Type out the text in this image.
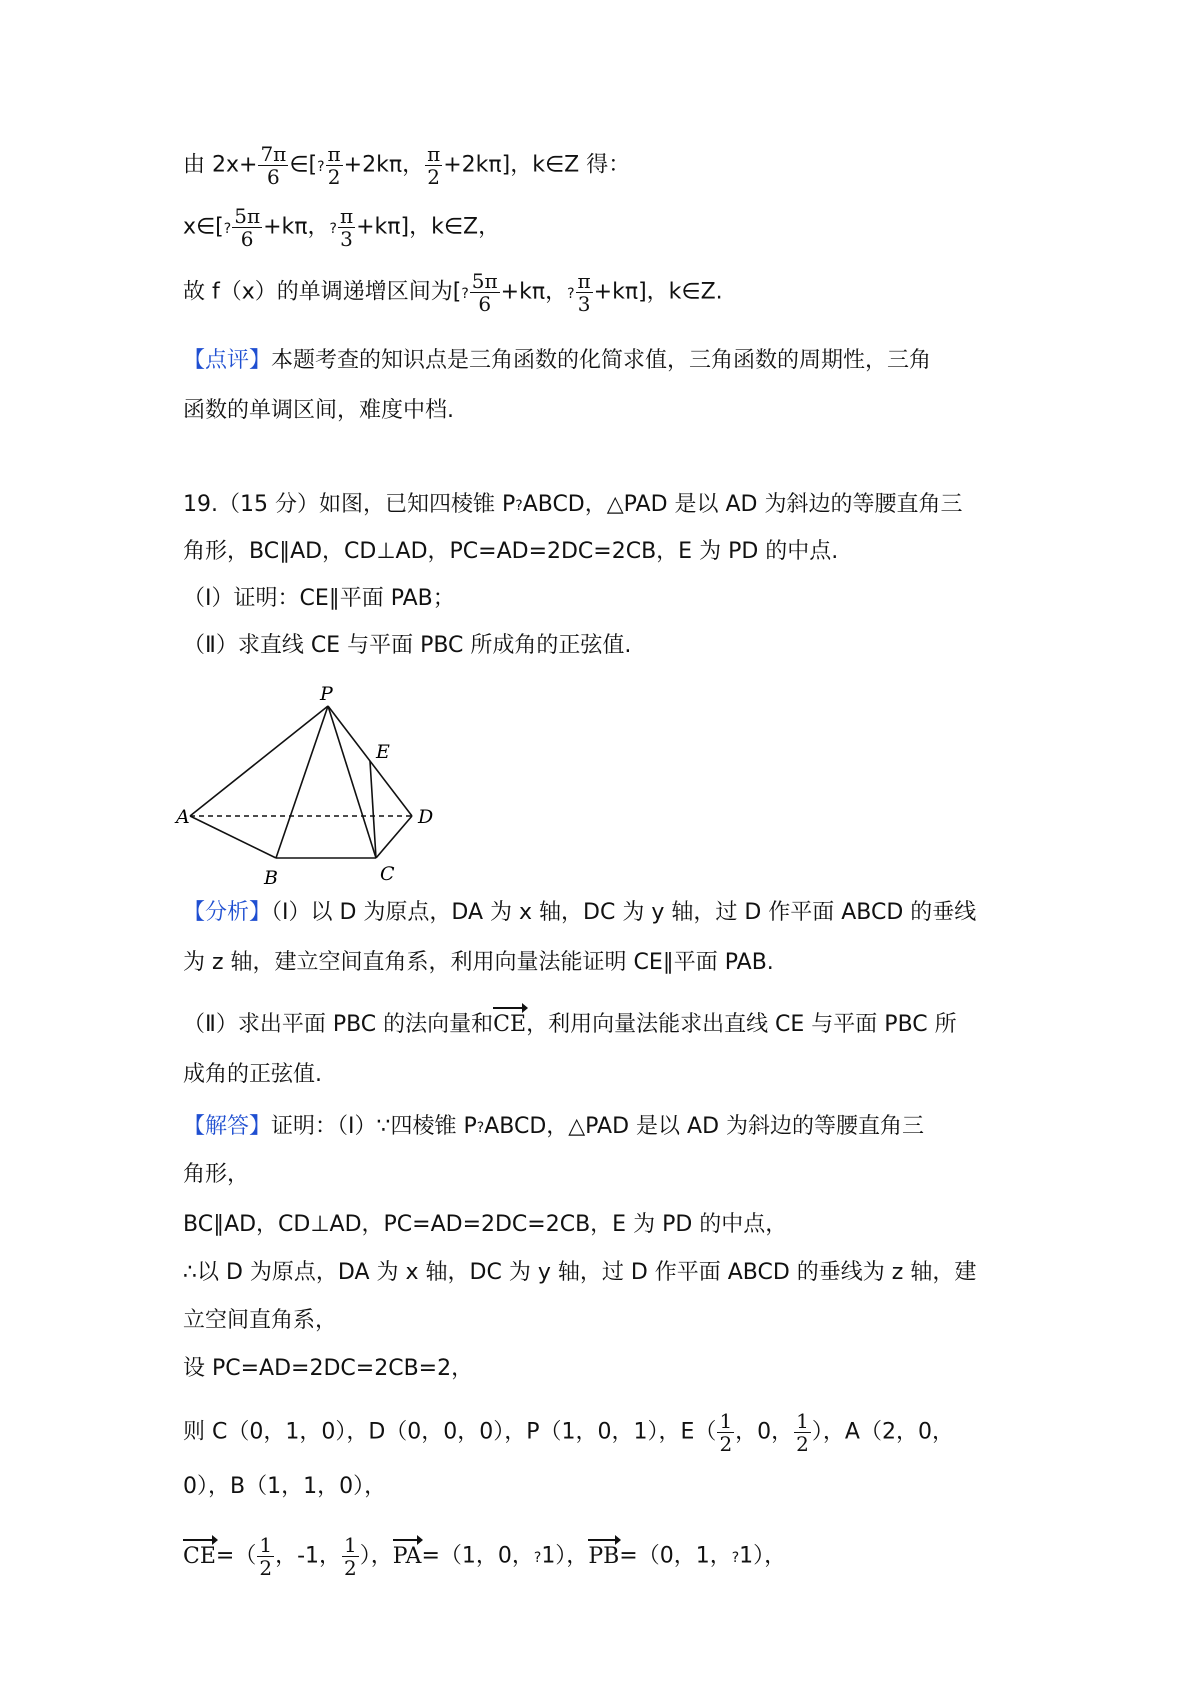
由 $2x+ \frac{7\pi}{6}$ ∈[? $\frac{\pi}{2} +2k\pi$， $\frac{\pi}{2} +2k\pi$]，k∈Z 得：
x∈[? $\frac{5\pi}{6} +k\pi$，? $\frac{\pi}{3} +k\pi$]，k∈Z，
故 f（x）的单调递增区间为[? $\frac{5\pi}{6} +k\pi$，? $\frac{\pi}{3} +k\pi$]，k∈Z.
【点评】本题考查的知识点是三角函数的化简求值，三角函数的周期性，三角
函数的单调区间，难度中档.
19.（15 分）如图，已知四棱锥 P?ABCD，△PAD 是以 AD 为斜边的等腰直角三
角形，BC∥AD，CD⊥AD，PC=AD=2DC=2CB，E 为 PD 的中点.
（Ⅰ）证明：CE∥平面 PAB；
（Ⅱ）求直线 CE 与平面 PBC 所成角的正弦值.
P
E
A	D
B	C
【分析】（Ⅰ）以 D 为原点，DA 为 x 轴，DC 为 y 轴，过 D 作平面 ABCD 的垂线
为 z 轴，建立空间直角系，利用向量法能证明 CE∥平面 PAB.
（Ⅱ）求出平面 PBC 的法向量和CE，利用向量法能求出直线 CE 与平面 PBC 所
成角的正弦值.
【解答】证明：（Ⅰ）∵四棱锥 P?ABCD，△PAD 是以 AD 为斜边的等腰直角三
角形，
BC∥AD，CD⊥AD，PC=AD=2DC=2CB，E 为 PD 的中点，
∴以 D 为原点，DA 为 x 轴，DC 为 y 轴，过 D 作平面 ABCD 的垂线为 z 轴，建
立空间直角系，
设 PC=AD=2DC=2CB=2，
则 C（0，1，0），D（0，0，0），P（1，0，1），$E( \frac{1}{2}$ ，0， $\frac{1}{2}$ ），A（2，0，
0），B（1，1，0），
$CE=( \frac{1}{2}$ ，-1， $\frac{1}{2}$ ），PA=（1，0，?1），PB=（0，1，?1），
